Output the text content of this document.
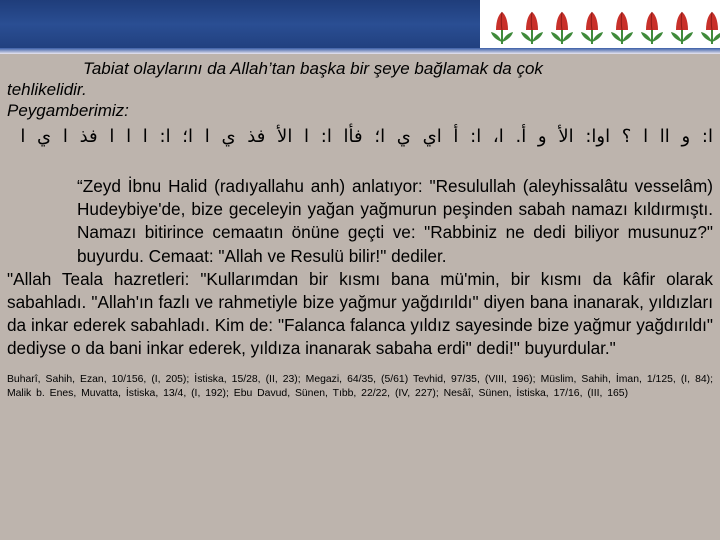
Tabiat olaylarını da Allah’tan başka bir şeye bağlamak da çok
tehlikelidir.
Peygamberimiz:
ا: و اا ا ؟ اوا: الأ و أ. ا، ا: أ اي ي ا؛ فأا ا: ا الأ فذ ي ا ا؛ ا: ا ا ا فذ ا ي ا
“Zeyd İbnu Halid (radıyallahu anh) anlatıyor: "Resulullah (aleyhissalâtu vesselâm) Hudeybiye'de, bize geceleyin yağan yağmurun peşinden sabah namazı kıldırmıştı. Namazı bitirince cemaatın önüne geçti ve: "Rabbiniz ne dedi biliyor musunuz?" buyurdu. Cemaat: "Allah ve Resulü bilir!" dediler.
"Allah Teala hazretleri: "Kullarımdan bir kısmı bana mü'min, bir kısmı da kâfir olarak sabahladı. "Allah'ın fazlı ve rahmetiyle bize yağmur yağdırıldı" diyen bana inanarak, yıldızları da inkar ederek sabahladı. Kim de: "Falanca falanca yıldız sayesinde bize yağmur yağdırıldı" dediyse o da bani inkar ederek, yıldıza inanarak sabaha erdi" dedi!" buyurdular."
Buharî, Sahih, Ezan, 10/156, (I, 205); İstiska, 15/28, (II, 23); Megazi, 64/35, (5/61) Tevhid, 97/35, (VIII, 196); Müslim, Sahih, İman, 1/125, (I, 84); Malik b. Enes, Muvatta, İstiska, 13/4, (I, 192); Ebu Davud, Sünen, Tıbb, 22/22, (IV, 227); Nesâî, Sünen, İstiska, 17/16, (III, 165)
